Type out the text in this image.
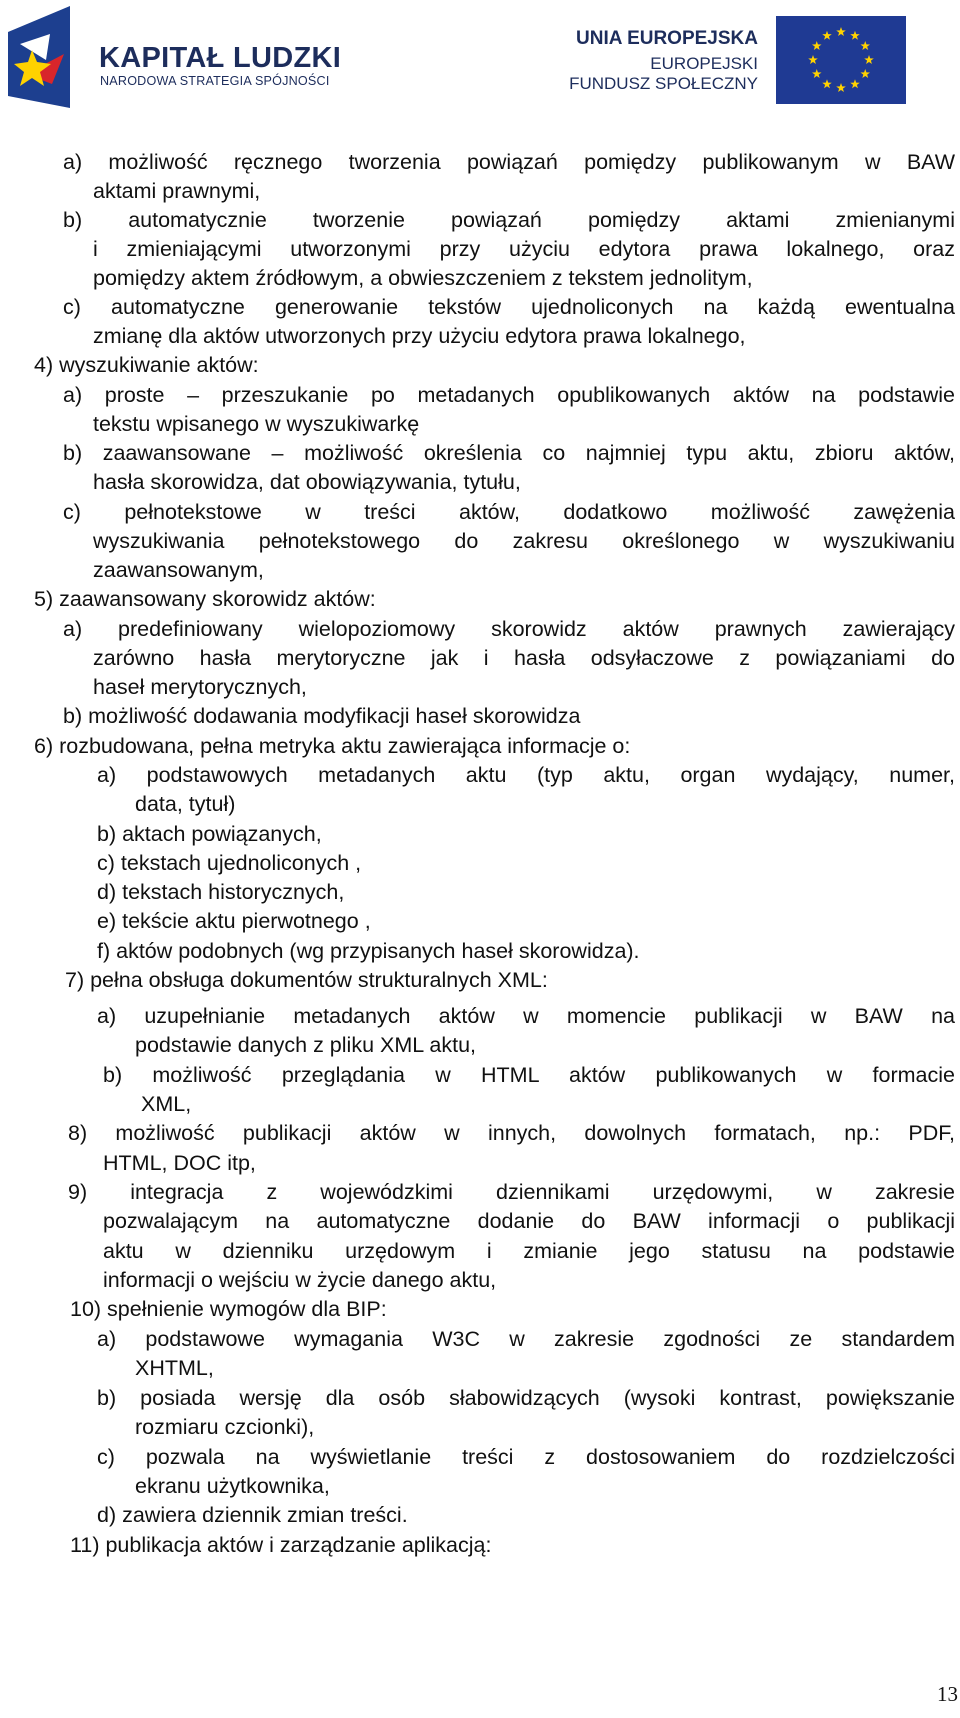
KAPITAŁ LUDZKI
NARODOWA STRATEGIA SPÓJNOŚCI
UNIA EUROPEJSKA
EUROPEJSKI
FUNDUSZ SPOŁECZNY
a) możliwość ręcznego tworzenia powiązań pomiędzy publikowanym w BAW
aktami prawnymi,
b) automatycznie tworzenie powiązań pomiędzy aktami zmienianymi
i zmieniającymi utworzonymi przy użyciu edytora prawa lokalnego, oraz
pomiędzy aktem źródłowym, a obwieszczeniem z tekstem jednolitym,
c) automatyczne generowanie tekstów ujednoliconych na każdą ewentualna
zmianę dla aktów utworzonych przy użyciu edytora prawa lokalnego,
4) wyszukiwanie aktów:
a) proste – przeszukanie po metadanych opublikowanych aktów na podstawie
tekstu wpisanego w wyszukiwarkę
b) zaawansowane – możliwość określenia co najmniej typu aktu, zbioru aktów,
hasła skorowidza, dat obowiązywania, tytułu,
c) pełnotekstowe w treści aktów, dodatkowo możliwość zawężenia
wyszukiwania pełnotekstowego do zakresu określonego w wyszukiwaniu
zaawansowanym,
5) zaawansowany skorowidz aktów:
a) predefiniowany wielopoziomowy skorowidz aktów prawnych zawierający
zarówno hasła merytoryczne jak i hasła odsyłaczowe z powiązaniami do
haseł merytorycznych,
b) możliwość dodawania modyfikacji haseł skorowidza
6) rozbudowana, pełna metryka aktu zawierająca informacje o:
a) podstawowych metadanych aktu (typ aktu, organ wydający, numer,
data, tytuł)
b) aktach powiązanych,
c) tekstach ujednoliconych ,
d) tekstach historycznych,
e) tekście aktu pierwotnego ,
f) aktów podobnych (wg przypisanych haseł skorowidza).
7) pełna obsługa dokumentów strukturalnych XML:
a) uzupełnianie metadanych aktów w momencie publikacji w BAW na
podstawie danych z pliku XML aktu,
b) możliwość przeglądania w HTML aktów publikowanych w formacie
XML,
8) możliwość publikacji aktów w innych, dowolnych formatach, np.: PDF,
HTML, DOC itp,
9) integracja z wojewódzkimi dziennikami urzędowymi, w zakresie
pozwalającym na automatyczne dodanie do BAW informacji o publikacji
aktu w dzienniku urzędowym i zmianie jego statusu na podstawie
informacji o wejściu w życie danego aktu,
10) spełnienie wymogów dla BIP:
a) podstawowe wymagania W3C w zakresie zgodności ze standardem
XHTML,
b) posiada wersję dla osób słabowidzących (wysoki kontrast, powiększanie
rozmiaru czcionki),
c) pozwala na wyświetlanie treści z dostosowaniem do rozdzielczości
ekranu użytkownika,
d) zawiera dziennik zmian treści.
11) publikacja aktów i zarządzanie aplikacją:
13
